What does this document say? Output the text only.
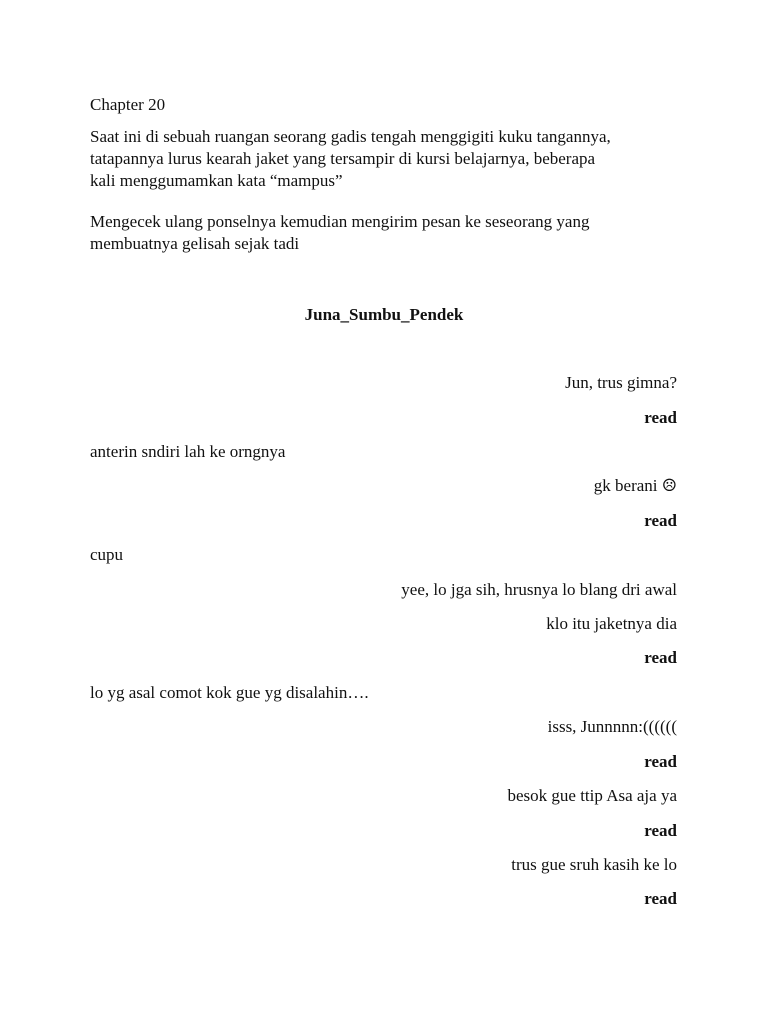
Chapter 20
Saat ini di sebuah ruangan seorang gadis tengah menggigiti kuku tangannya,
tatapannya lurus kearah jaket yang tersampir di kursi belajarnya, beberapa
kali menggumamkan kata “mampus”
Mengecek ulang ponselnya kemudian mengirim pesan ke seseorang yang
membuatnya gelisah sejak tadi
Juna_Sumbu_Pendek
Jun, trus gimna?
read
anterin sndiri lah ke orngnya
gk berani ☹
read
cupu
yee, lo jga sih, hrusnya lo blang dri awal
klo itu jaketnya dia
read
lo yg asal comot kok gue yg disalahin….
isss, Junnnnn:((((((
read
besok gue ttip Asa aja ya
read
trus gue sruh kasih ke lo
read
